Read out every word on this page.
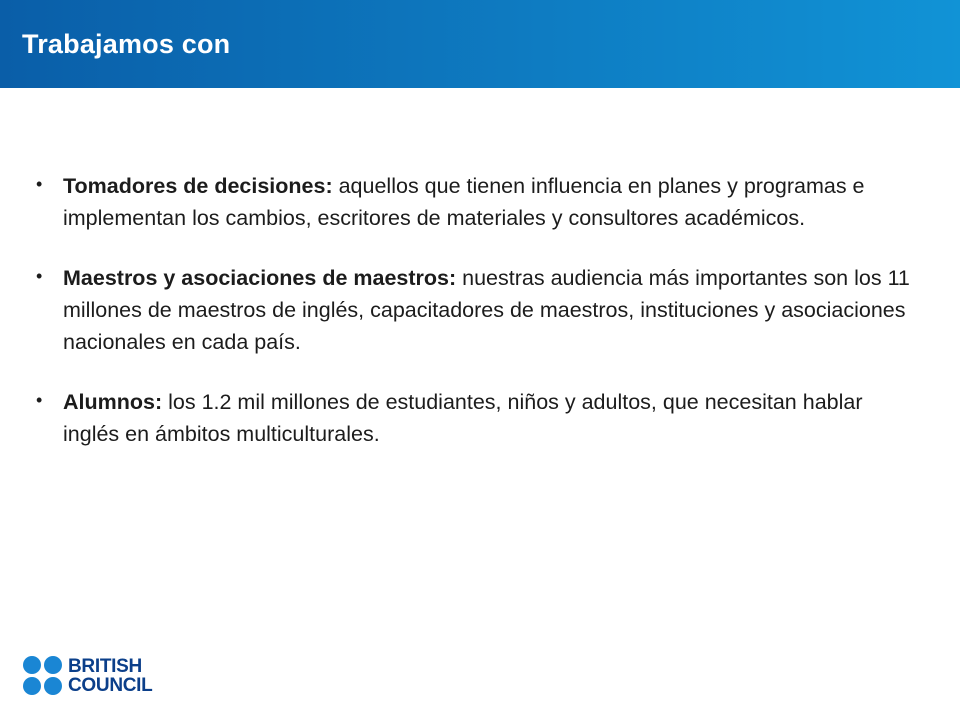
Trabajamos con
• Tomadores de decisiones: aquellos que tienen influencia en planes y programas e implementan los cambios, escritores de materiales y consultores académicos.
• Maestros y asociaciones de maestros: nuestras audiencia más importantes son los 11 millones de maestros de inglés, capacitadores de maestros, instituciones y asociaciones nacionales en cada país.
• Alumnos: los 1.2 mil millones de estudiantes, niños y adultos, que necesitan hablar inglés en ámbitos multiculturales.
BRITISH
COUNCIL
